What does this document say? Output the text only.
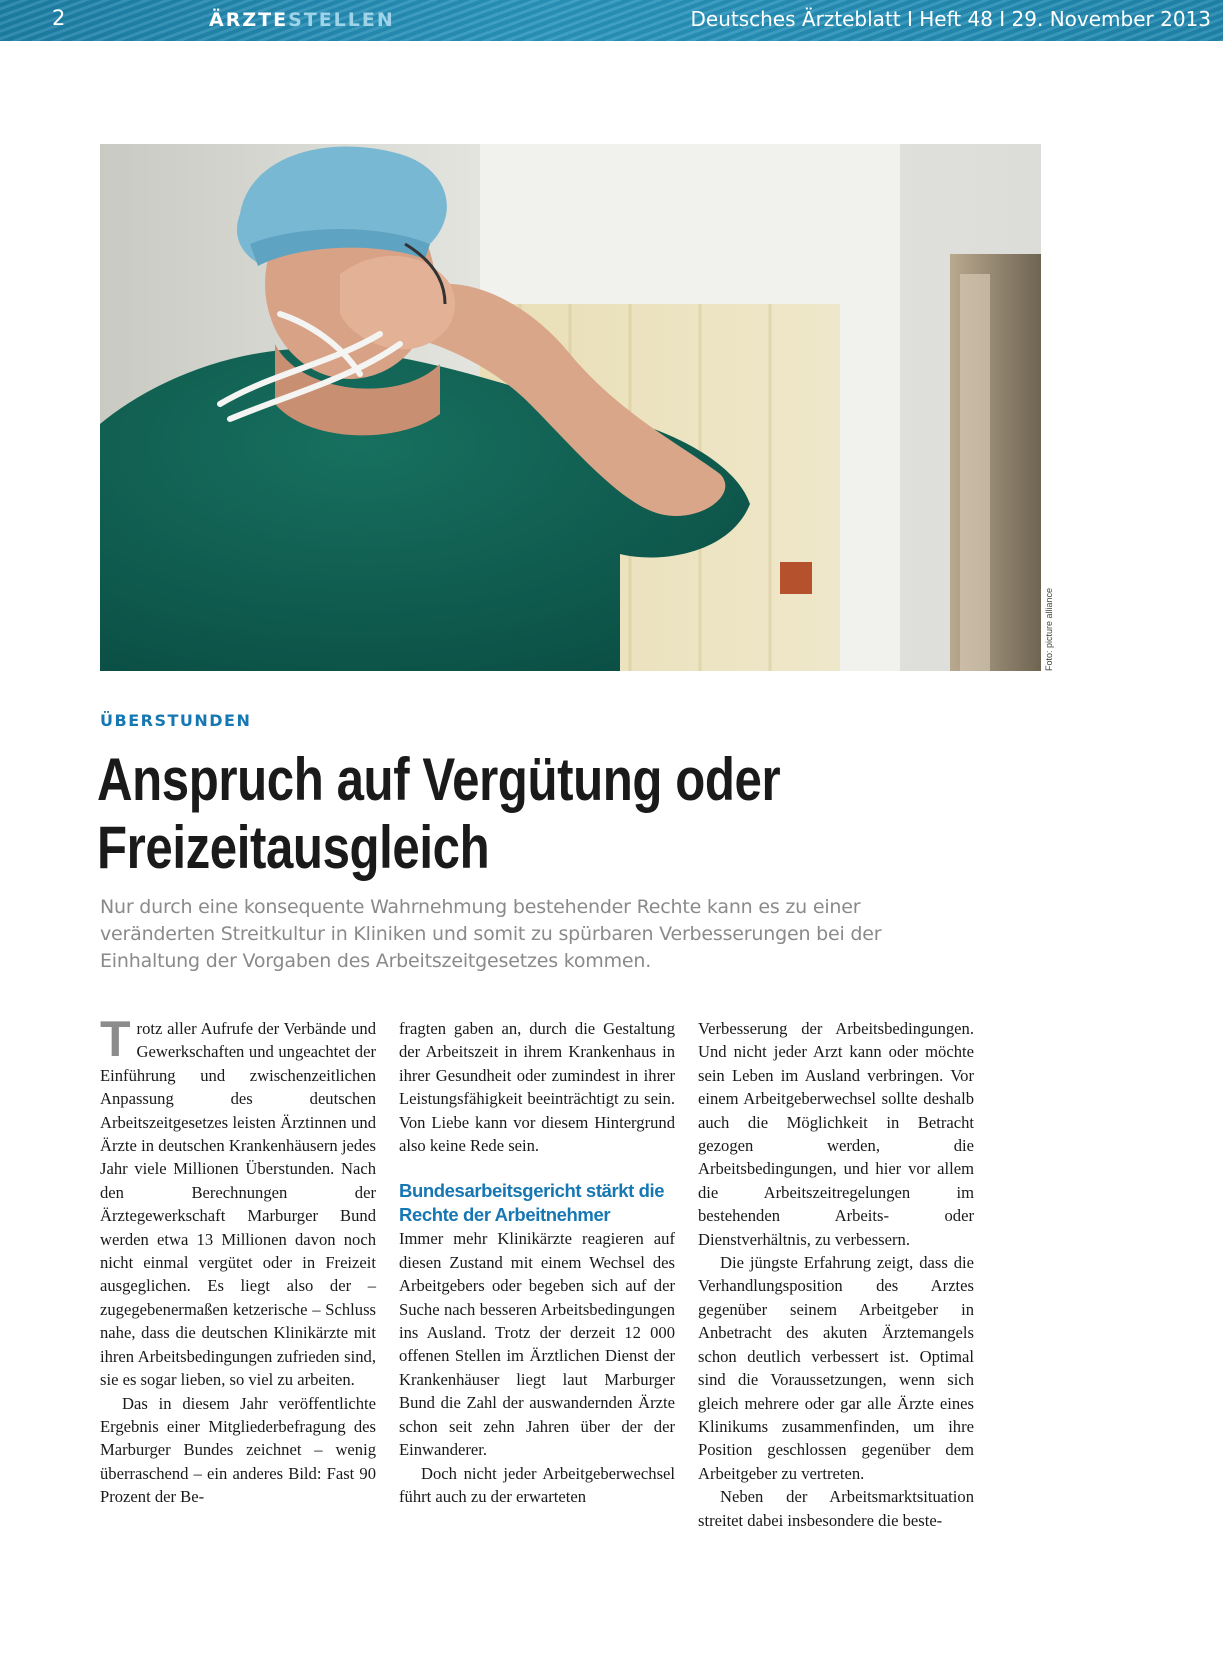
2	ÄRZTESTELLEN	Deutsches Ärzteblatt I Heft 48 I 29. November 2013
Foto: picture alliance
ÜBERSTUNDEN
Anspruch auf Vergütung oder
Freizeitausgleich

Nur durch eine konsequente Wahrnehmung bestehender Rechte kann es zu einer veränderten Streitkultur in Kliniken und somit zu spürbaren Verbesserungen bei der Einhaltung der Vorgaben des Arbeitszeitgesetzes kommen.

Trotz aller Aufrufe der Verbände und Gewerkschaften und ungeachtet der Einführung und zwischenzeitlichen Anpassung des deutschen Arbeitszeitgesetzes leisten Ärztinnen und Ärzte in deutschen Krankenhäusern jedes Jahr viele Millionen Überstunden. Nach den Berechnungen der Ärztegewerkschaft Marburger Bund werden etwa 13 Millionen davon noch nicht einmal vergütet oder in Freizeit ausgeglichen. Es liegt also der – zugegebenermaßen ketzerische – Schluss nahe, dass die deutschen Klinikärzte mit ihren Arbeitsbedingungen zufrieden sind, sie es sogar lieben, so viel zu arbeiten.

Das in diesem Jahr veröffentlichte Ergebnis einer Mitgliederbefragung des Marburger Bundes zeichnet – wenig überraschend – ein anderes Bild: Fast 90 Prozent der Be-

fragten gaben an, durch die Gestaltung der Arbeitszeit in ihrem Krankenhaus in ihrer Gesundheit oder zumindest in ihrer Leistungsfähigkeit beeinträchtigt zu sein. Von Liebe kann vor diesem Hintergrund also keine Rede sein.

Bundesarbeitsgericht stärkt die Rechte der Arbeitnehmer

Immer mehr Klinikärzte reagieren auf diesen Zustand mit einem Wechsel des Arbeitgebers oder begeben sich auf der Suche nach besseren Arbeitsbedingungen ins Ausland. Trotz der derzeit 12 000 offenen Stellen im Ärztlichen Dienst der Krankenhäuser liegt laut Marburger Bund die Zahl der auswandernden Ärzte schon seit zehn Jahren über der der Einwanderer.

Doch nicht jeder Arbeitgeberwechsel führt auch zu der erwarteten

Verbesserung der Arbeitsbedingungen. Und nicht jeder Arzt kann oder möchte sein Leben im Ausland verbringen. Vor einem Arbeitgeberwechsel sollte deshalb auch die Möglichkeit in Betracht gezogen werden, die Arbeitsbedingungen, und hier vor allem die Arbeitszeitregelungen im bestehenden Arbeits- oder Dienstverhältnis, zu verbessern.

Die jüngste Erfahrung zeigt, dass die Verhandlungsposition des Arztes gegenüber seinem Arbeitgeber in Anbetracht des akuten Ärztemangels schon deutlich verbessert ist. Optimal sind die Voraussetzungen, wenn sich gleich mehrere oder gar alle Ärzte eines Klinikums zusammenfinden, um ihre Position geschlossen gegenüber dem Arbeitgeber zu vertreten.

Neben der Arbeitsmarktsituation streitet dabei insbesondere die beste-
